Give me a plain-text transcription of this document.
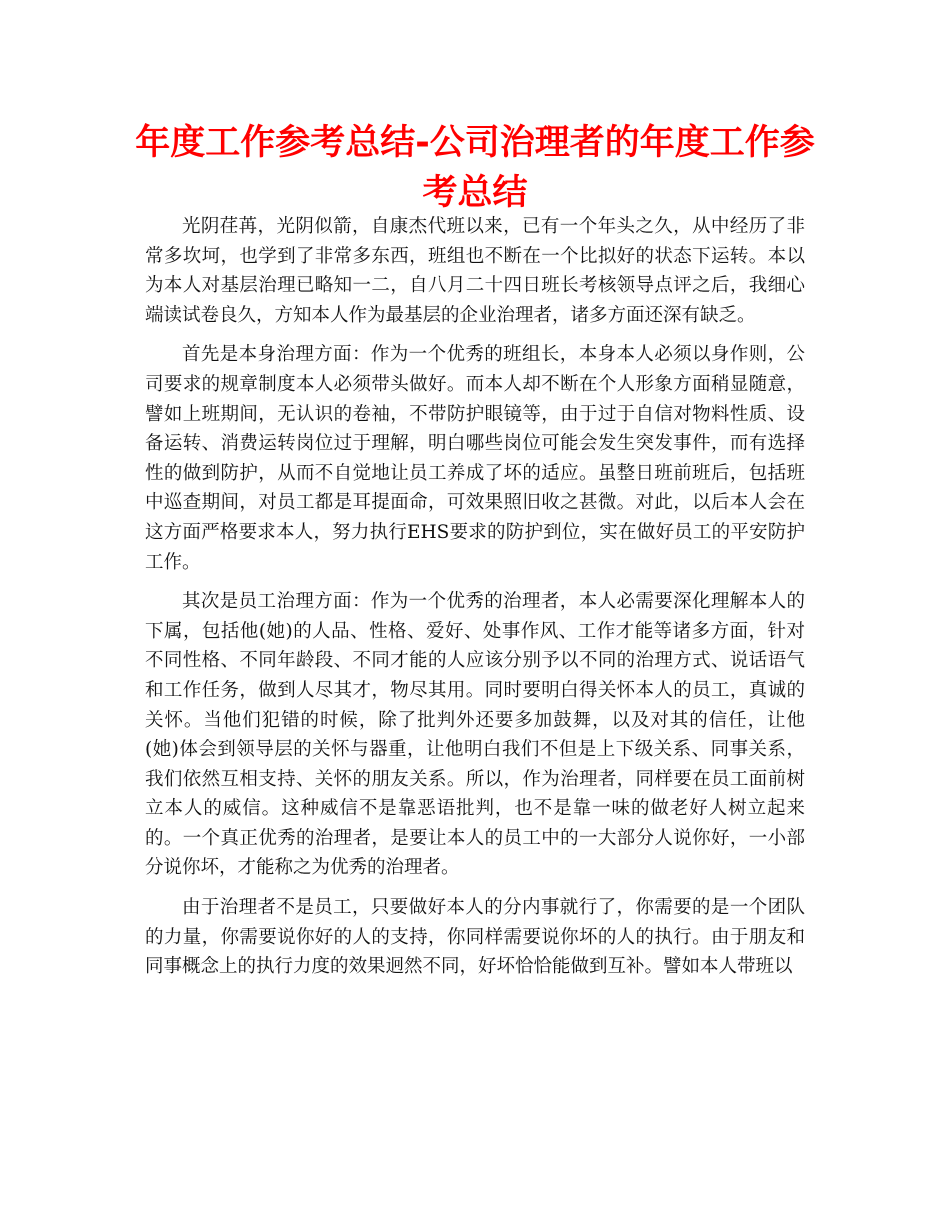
年度工作参考总结-公司治理者的年度工作参考总结

光阴荏苒，光阴似箭，自康杰代班以来，已有一个年头之久，从中经历了非常多坎坷，也学到了非常多东西，班组也不断在一个比拟好的状态下运转。本以为本人对基层治理已略知一二，自八月二十四日班长考核领导点评之后，我细心端读试卷良久，方知本人作为最基层的企业治理者，诸多方面还深有缺乏。

首先是本身治理方面：作为一个优秀的班组长，本身本人必须以身作则，公司要求的规章制度本人必须带头做好。而本人却不断在个人形象方面稍显随意，譬如上班期间，无认识的卷袖，不带防护眼镜等，由于过于自信对物料性质、设备运转、消费运转岗位过于理解，明白哪些岗位可能会发生突发事件，而有选择性的做到防护，从而不自觉地让员工养成了坏的适应。虽整日班前班后，包括班中巡查期间，对员工都是耳提面命，可效果照旧收之甚微。对此，以后本人会在这方面严格要求本人，努力执行EHS要求的防护到位，实在做好员工的平安防护工作。

其次是员工治理方面：作为一个优秀的治理者，本人必需要深化理解本人的下属，包括他(她)的人品、性格、爱好、处事作风、工作才能等诸多方面，针对不同性格、不同年龄段、不同才能的人应该分别予以不同的治理方式、说话语气和工作任务，做到人尽其才，物尽其用。同时要明白得关怀本人的员工，真诚的关怀。当他们犯错的时候，除了批判外还要多加鼓舞，以及对其的信任，让他(她)体会到领导层的关怀与器重，让他明白我们不但是上下级关系、同事关系，我们依然互相支持、关怀的朋友关系。所以，作为治理者，同样要在员工面前树立本人的威信。这种威信不是靠恶语批判，也不是靠一味的做老好人树立起来的。一个真正优秀的治理者，是要让本人的员工中的一大部分人说你好，一小部分说你坏，才能称之为优秀的治理者。

由于治理者不是员工，只要做好本人的分内事就行了，你需要的是一个团队的力量，你需要说你好的人的支持，你同样需要说你坏的人的执行。由于朋友和同事概念上的执行力度的效果迥然不同，好坏恰恰能做到互补。譬如本人带班以
